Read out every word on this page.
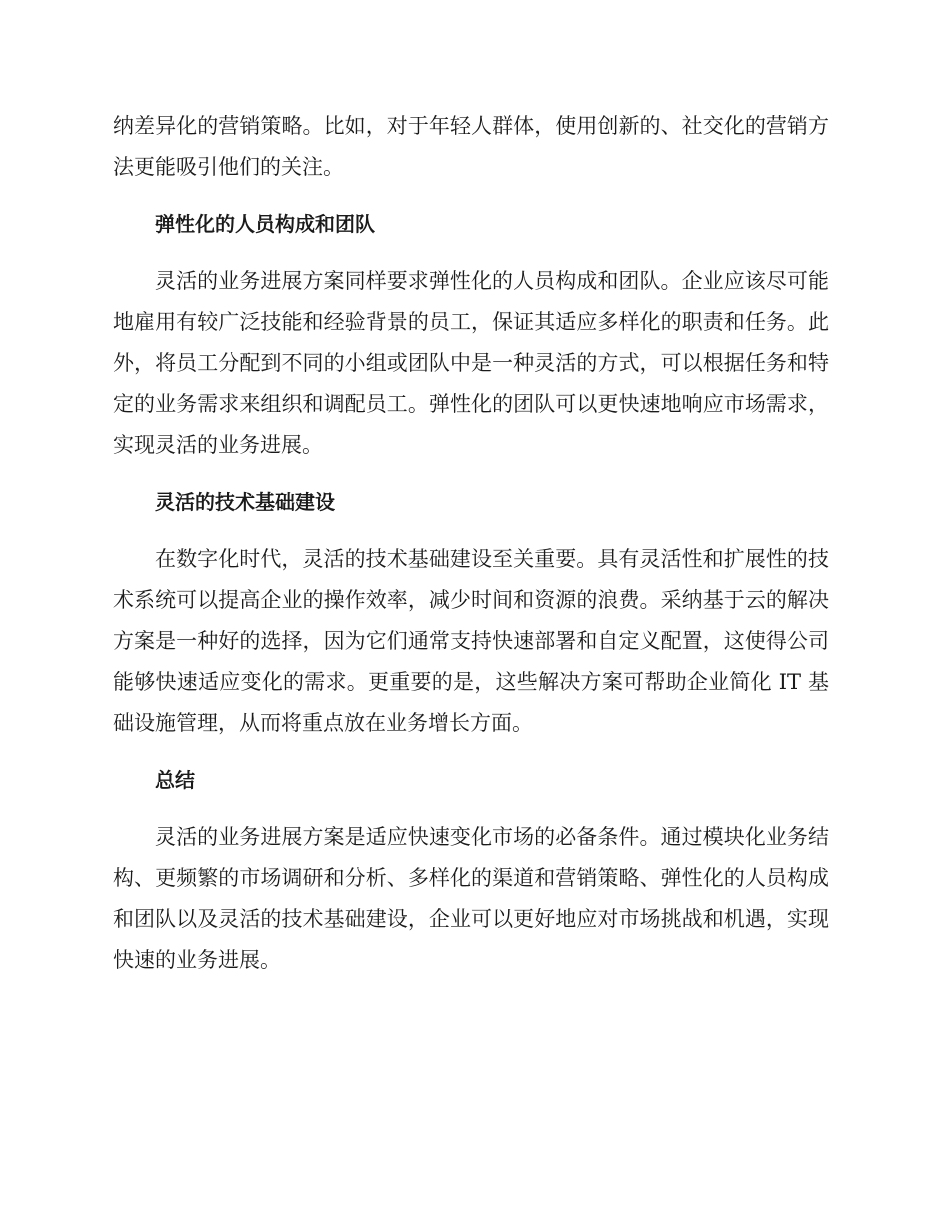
纳差异化的营销策略。比如，对于年轻人群体，使用创新的、社交化的营销方法更能吸引他们的关注。

弹性化的人员构成和团队

灵活的业务进展方案同样要求弹性化的人员构成和团队。企业应该尽可能地雇用有较广泛技能和经验背景的员工，保证其适应多样化的职责和任务。此外，将员工分配到不同的小组或团队中是一种灵活的方式，可以根据任务和特定的业务需求来组织和调配员工。弹性化的团队可以更快速地响应市场需求，实现灵活的业务进展。

灵活的技术基础建设

在数字化时代，灵活的技术基础建设至关重要。具有灵活性和扩展性的技术系统可以提高企业的操作效率，减少时间和资源的浪费。采纳基于云的解决方案是一种好的选择，因为它们通常支持快速部署和自定义配置，这使得公司能够快速适应变化的需求。更重要的是，这些解决方案可帮助企业简化 IT 基础设施管理，从而将重点放在业务增长方面。

总结

灵活的业务进展方案是适应快速变化市场的必备条件。通过模块化业务结构、更频繁的市场调研和分析、多样化的渠道和营销策略、弹性化的人员构成和团队以及灵活的技术基础建设，企业可以更好地应对市场挑战和机遇，实现快速的业务进展。
